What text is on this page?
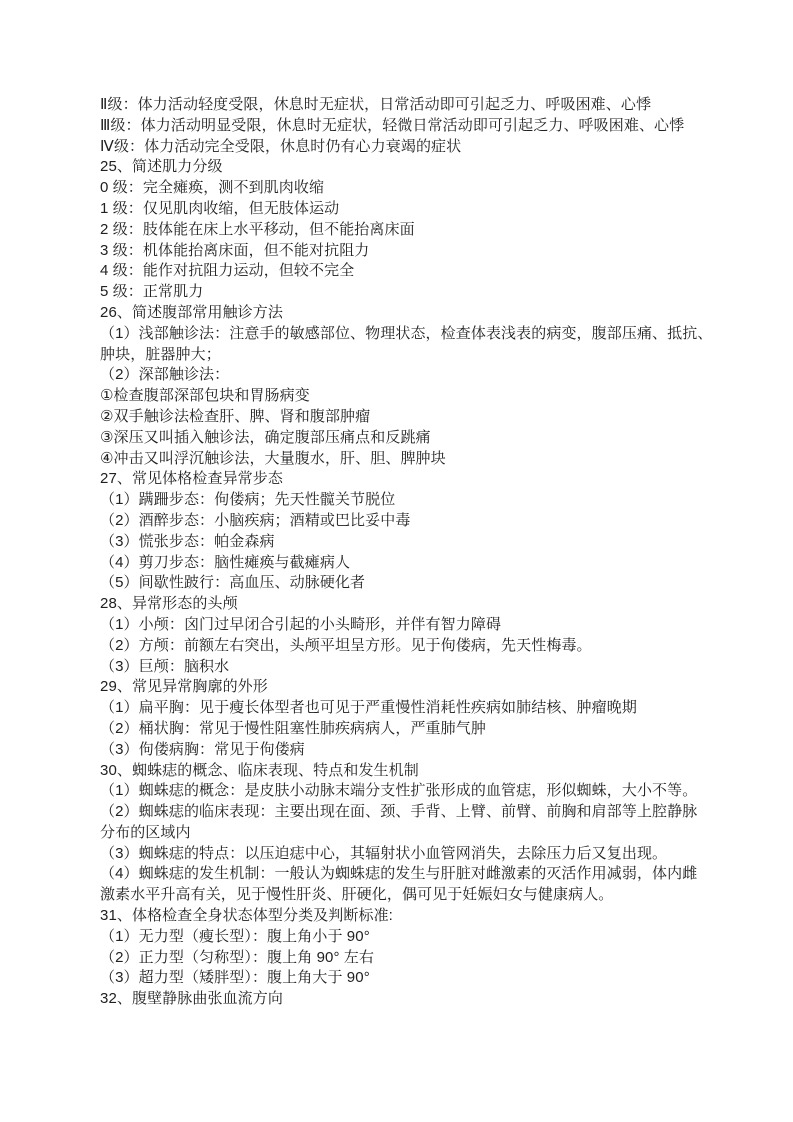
Ⅱ级：体力活动轻度受限，休息时无症状，日常活动即可引起乏力、呼吸困难、心悸
Ⅲ级：体力活动明显受限，休息时无症状，轻微日常活动即可引起乏力、呼吸困难、心悸
Ⅳ级：体力活动完全受限，休息时仍有心力衰竭的症状
25、简述肌力分级
0 级：完全瘫痪，测不到肌肉收缩
1 级：仅见肌肉收缩，但无肢体运动
2 级：肢体能在床上水平移动，但不能抬离床面
3 级：机体能抬离床面，但不能对抗阻力
4 级：能作对抗阻力运动，但较不完全
5 级：正常肌力
26、简述腹部常用触诊方法
（1）浅部触诊法：注意手的敏感部位、物理状态，检查体表浅表的病变，腹部压痛、抵抗、
肿块，脏器肿大；
（2）深部触诊法：
①检查腹部深部包块和胃肠病变
②双手触诊法检查肝、脾、肾和腹部肿瘤
③深压又叫插入触诊法，确定腹部压痛点和反跳痛
④冲击又叫浮沉触诊法，大量腹水，肝、胆、脾肿块
27、常见体格检查异常步态
（1）蹒跚步态：佝偻病；先天性髋关节脱位
（2）酒醉步态：小脑疾病；酒精或巴比妥中毒
（3）慌张步态：帕金森病
（4）剪刀步态：脑性瘫痪与截瘫病人
（5）间歇性跛行：高血压、动脉硬化者
28、异常形态的头颅
（1）小颅：囟门过早闭合引起的小头畸形，并伴有智力障碍
（2）方颅：前额左右突出，头颅平坦呈方形。见于佝偻病，先天性梅毒。
（3）巨颅：脑积水
29、常见异常胸廓的外形
（1）扁平胸：见于瘦长体型者也可见于严重慢性消耗性疾病如肺结核、肿瘤晚期
（2）桶状胸：常见于慢性阻塞性肺疾病病人，严重肺气肿
（3）佝偻病胸：常见于佝偻病
30、蜘蛛痣的概念、临床表现、特点和发生机制
（1）蜘蛛痣的概念：是皮肤小动脉末端分支性扩张形成的血管痣，形似蜘蛛，大小不等。
（2）蜘蛛痣的临床表现：主要出现在面、颈、手背、上臂、前臂、前胸和肩部等上腔静脉
分布的区域内
（3）蜘蛛痣的特点：以压迫痣中心，其辐射状小血管网消失，去除压力后又复出现。
（4）蜘蛛痣的发生机制：一般认为蜘蛛痣的发生与肝脏对雌激素的灭活作用减弱，体内雌
激素水平升高有关，见于慢性肝炎、肝硬化，偶可见于妊娠妇女与健康病人。
31、体格检查全身状态体型分类及判断标准:
（1）无力型（瘦长型）：腹上角小于 90°
（2）正力型（匀称型）：腹上角 90° 左右
（3）超力型（矮胖型）：腹上角大于 90°
32、腹壁静脉曲张血流方向
